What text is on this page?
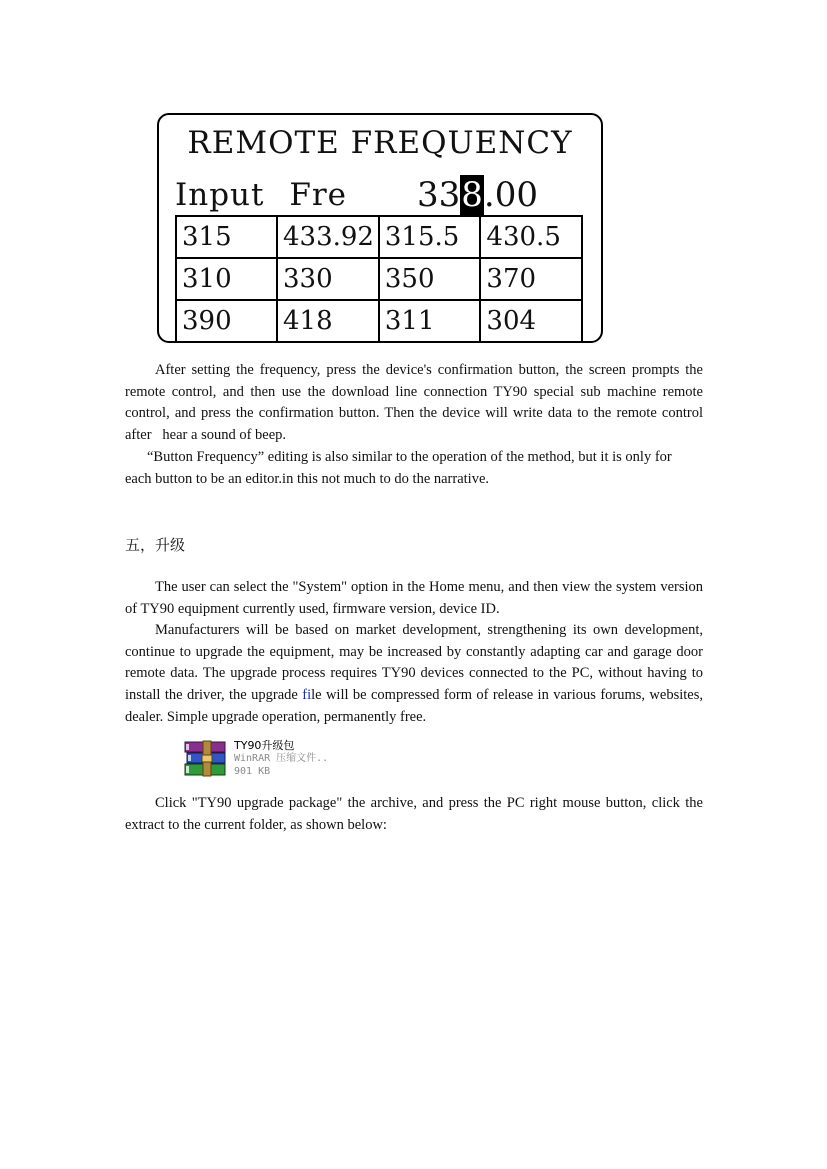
REMOTE FREQUENCY
Input Fre 338.00
315	433.92	315.5	430.5
310	330	350	370
390	418	311	304
After setting the frequency, press the device's confirmation button, the screen prompts the
remote control, and then use the download line connection TY90 special sub machine remote
control, and press the confirmation button. Then the device will write data to the remote control
after   hear a sound of beep.
“Button Frequency” editing is also similar to the operation of the method, but it is only for
each button to be an editor.in this not much to do the narrative.
五，升级
The user can select the "System" option in the Home menu, and then view the system version
of TY90 equipment currently used, firmware version, device ID.
Manufacturers will be based on market development, strengthening its own development,
continue to upgrade the equipment, may be increased by constantly adapting car and garage door
remote data. The upgrade process requires TY90 devices connected to the PC, without having to
install the driver, the upgrade file will be compressed form of release in various forums, websites,
dealer. Simple upgrade operation, permanently free.
TY90升级包
WinRAR 压缩文件..
901 KB
Click "TY90 upgrade package" the archive, and press the PC right mouse button, click the
extract to the current folder, as shown below:
